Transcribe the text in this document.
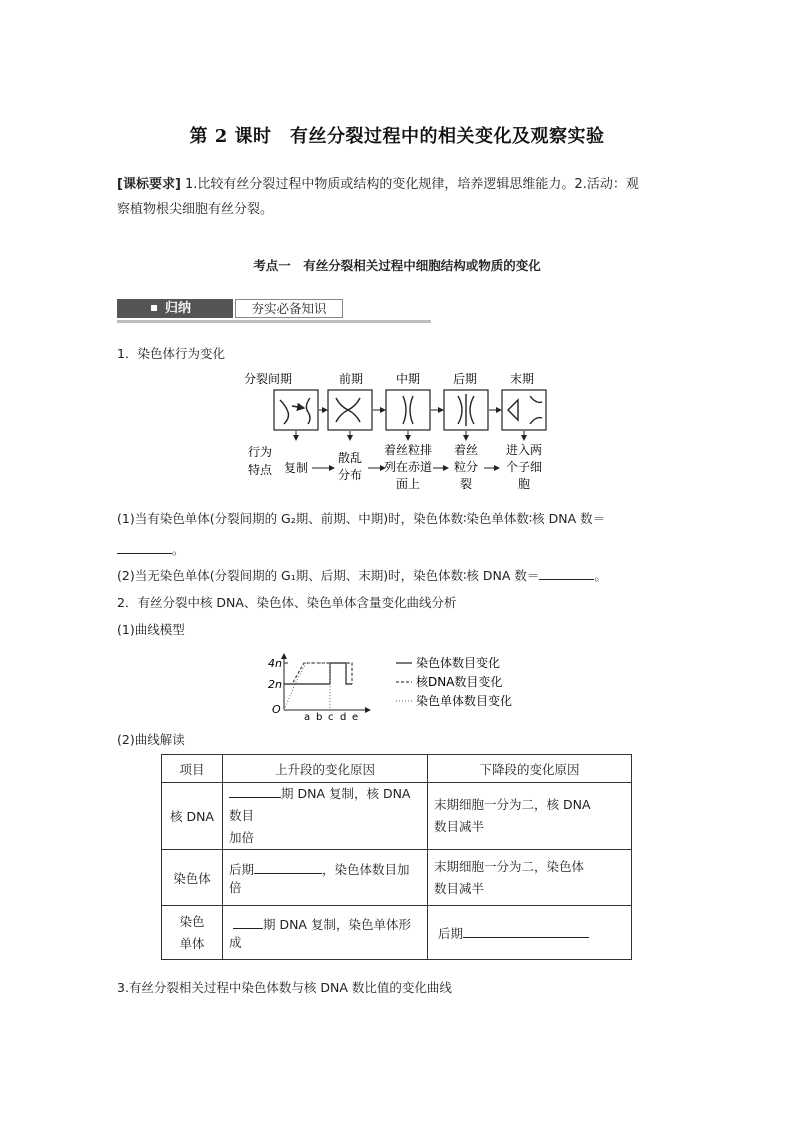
第 2 课时　有丝分裂过程中的相关变化及观察实验
[课标要求] 1.比较有丝分裂过程中物质或结构的变化规律，培养逻辑思维能力。2.活动：观
察植物根尖细胞有丝分裂。
考点一　有丝分裂相关过程中细胞结构或物质的变化
归纳	夯实必备知识
1．染色体行为变化
分裂间期	前期	中期	后期	末期
行为
特点 复制
散乱
分布
着丝粒排
列在赤道
面上
着丝
粒分
裂
进入两
个子细
胞
(1)当有染色单体(分裂间期的 G₂期、前期、中期)时，染色体数∶染色单体数∶核 DNA 数＝
。
(2)当无染色单体(分裂间期的 G₁期、后期、末期)时，染色体数∶核 DNA 数＝	。
2．有丝分裂中核 DNA、染色体、染色单体含量变化曲线分析
(1)曲线模型
4n
2n
O
a b c d e
染色体数目变化
核DNA数目变化
染色单体数目变化
(2)曲线解读
项目	上升段的变化原因	下降段的变化原因
核 DNA	期 DNA 复制，核 DNA 数目
加倍	末期细胞一分为二，核 DNA
数目减半
染色体	后期 ，染色体数目加倍	末期细胞一分为二，染色体
数目减半
染色
单体	期 DNA 复制，染色单体形成	后期
3.有丝分裂相关过程中染色体数与核 DNA 数比值的变化曲线
